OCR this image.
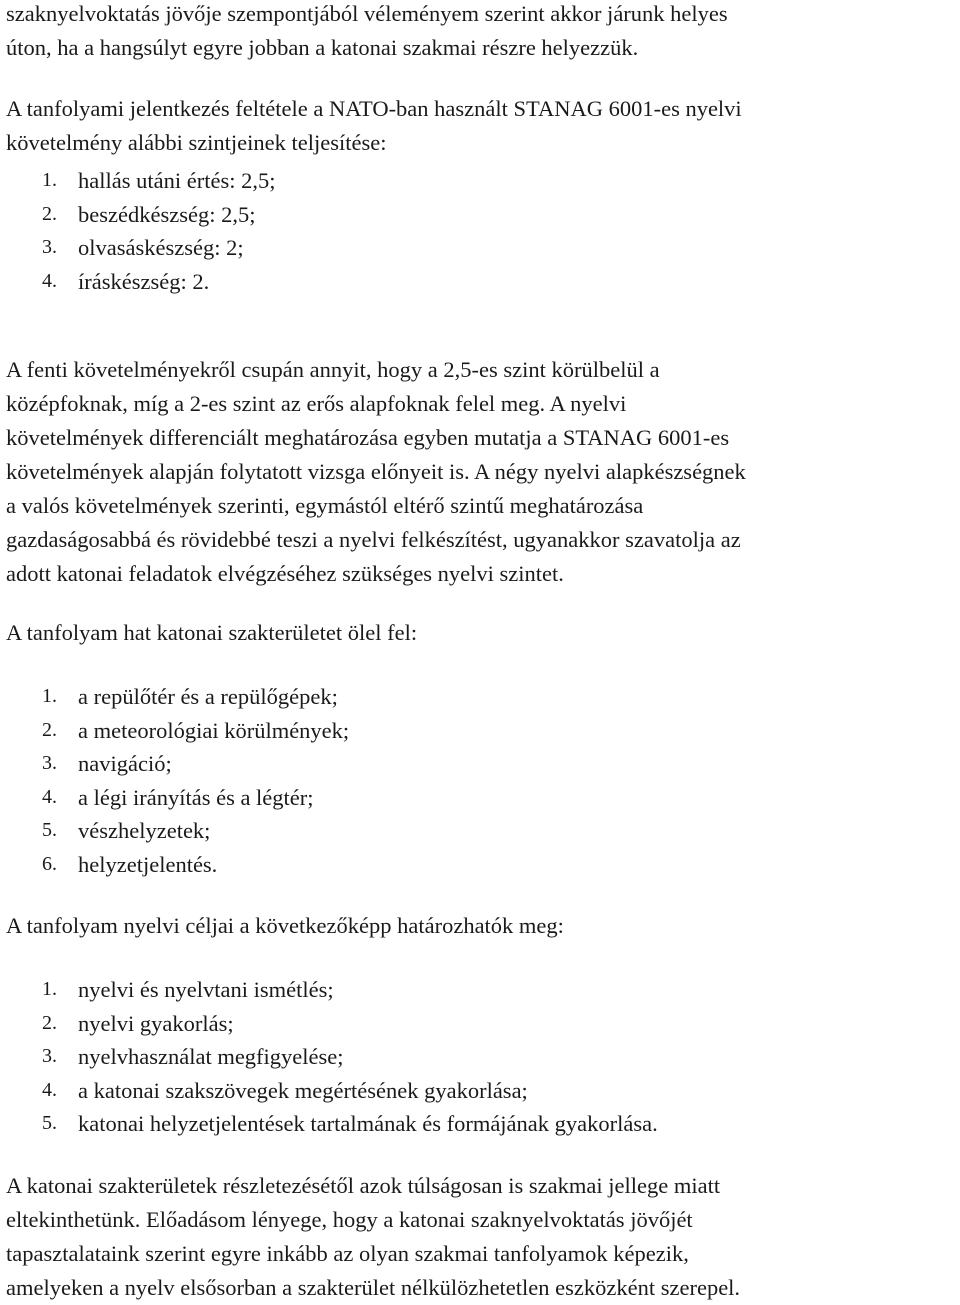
szaknyelvoktatás jövője szempontjából véleményem szerint akkor járunk helyes
úton, ha a hangsúlyt egyre jobban a katonai szakmai részre helyezzük.

A tanfolyami jelentkezés feltétele a NATO-ban használt STANAG 6001-es nyelvi
követelmény alábbi szintjeinek teljesítése:

1. hallás utáni értés: 2,5;
2. beszédkészség: 2,5;
3. olvasáskészség: 2;
4. íráskészség: 2.

A fenti követelményekről csupán annyit, hogy a 2,5-es szint körülbelül a
középfoknak, míg a 2-es szint az erős alapfoknak felel meg. A nyelvi
követelmények differenciált meghatározása egyben mutatja a STANAG 6001-es
követelmények alapján folytatott vizsga előnyeit is. A négy nyelvi alapkészségnek
a valós követelmények szerinti, egymástól eltérő szintű meghatározása
gazdaságosabbá és rövidebbé teszi a nyelvi felkészítést, ugyanakkor szavatolja az
adott katonai feladatok elvégzéséhez szükséges nyelvi szintet.

A tanfolyam hat katonai szakterületet ölel fel:

1. a repülőtér és a repülőgépek;
2. a meteorológiai körülmények;
3. navigáció;
4. a légi irányítás és a légtér;
5. vészhelyzetek;
6. helyzetjelentés.

A tanfolyam nyelvi céljai a következőképp határozhatók meg:

1. nyelvi és nyelvtani ismétlés;
2. nyelvi gyakorlás;
3. nyelvhasználat megfigyelése;
4. a katonai szakszövegek megértésének gyakorlása;
5. katonai helyzetjelentések tartalmának és formájának gyakorlása.

A katonai szakterületek részletezésétől azok túlságosan is szakmai jellege miatt
eltekinthetünk. Előadásom lényege, hogy a katonai szaknyelvoktatás jövőjét
tapasztalataink szerint egyre inkább az olyan szakmai tanfolyamok képezik,
amelyeken a nyelv elsősorban a szakterület nélkülözhetetlen eszközként szerepel.
